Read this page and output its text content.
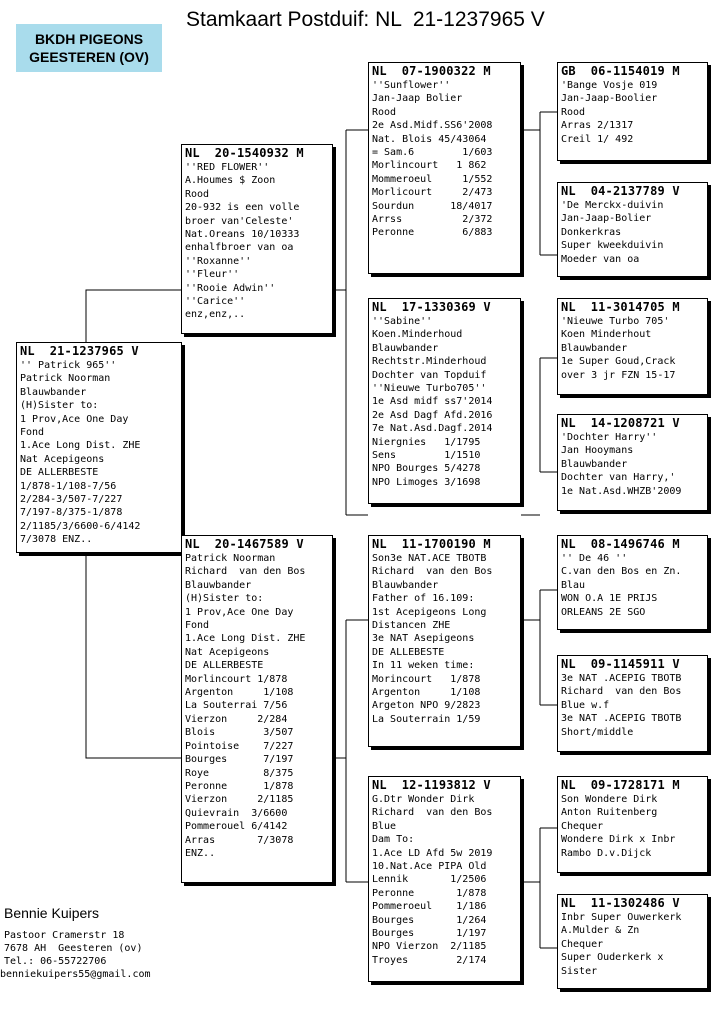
Stamkaart Postduif: NL  21-1237965 V
BKDH PIGEONS
GEESTEREN (OV)
NL  21-1237965 V
'' Patrick 965''
Patrick Noorman
Blauwbander
(H)Sister to:
1 Prov,Ace One Day
Fond
1.Ace Long Dist. ZHE
Nat Acepigeons
DE ALLERBESTE
1/878-1/108-7/56
2/284-3/507-7/227
7/197-8/375-1/878
2/1185/3/6600-6/4142
7/3078 ENZ..
NL  20-1540932 M
''RED FLOWER''
A.Houmes $ Zoon
Rood
20-932 is een volle
broer van'Celeste'
Nat.Oreans 10/10333
enhalfbroer van oa
''Roxanne''
''Fleur''
''Rooie Adwin''
''Carice''
enz,enz,..
NL  20-1467589 V
Patrick Noorman
Richard  van den Bos
Blauwbander
(H)Sister to:
1 Prov,Ace One Day
Fond
1.Ace Long Dist. ZHE
Nat Acepigeons
DE ALLERBESTE
Morlincourt 1/878
Argenton     1/108
La Souterrai 7/56
Vierzon     2/284
Blois        3/507
Pointoise    7/227
Bourges      7/197
Roye         8/375
Peronne      1/878
Vierzon     2/1185
Quievrain  3/6600
Pommerouel 6/4142
Arras       7/3078
ENZ..
NL  07-1900322 M
''Sunflower''
Jan-Jaap Bolier
Rood
2e Asd.Midf.SS6'2008
Nat. Blois 45/43064
= Sam.6        1/603
Morlincourt   1 862
Mommeroeul     1/552
Morlicourt     2/473
Sourdun      18/4017
Arrss          2/372
Peronne        6/883
NL  17-1330369 V
''Sabine''
Koen.Minderhoud
Blauwbander
Rechtstr.Minderhoud
Dochter van Topduif
''Nieuwe Turbo705''
1e Asd midf ss7'2014
2e Asd Dagf Afd.2016
7e Nat.Asd.Dagf.2014
Niergnies   1/1795
Sens        1/1510
NPO Bourges 5/4278
NPO Limoges 3/1698
NL  11-1700190 M
Son3e NAT.ACE TBOTB
Richard  van den Bos
Blauwbander
Father of 16.109:
1st Acepigeons Long
Distancen ZHE
3e NAT Asepigeons
DE ALLEBESTE
In 11 weken time:
Morincourt   1/878
Argenton     1/108
Argeton NPO 9/2823
La Souterrain 1/59
NL  12-1193812 V
G.Dtr Wonder Dirk
Richard  van den Bos
Blue
Dam To:
1.Ace LD Afd 5w 2019
10.Nat.Ace PIPA Old
Lennik       1/2506
Peronne       1/878
Pommeroeul    1/186
Bourges       1/264
Bourges       1/197
NPO Vierzon  2/1185
Troyes        2/174
GB  06-1154019 M
'Bange Vosje 019
Jan-Jaap-Boolier
Rood
Arras 2/1317
Creil 1/ 492
NL  04-2137789 V
'De Merckx-duivin
Jan-Jaap-Bolier
Donkerkras
Super kweekduivin
Moeder van oa
NL  11-3014705 M
'Nieuwe Turbo 705'
Koen Minderhout
Blauwbander
1e Super Goud,Crack
over 3 jr FZN 15-17
NL  14-1208721 V
'Dochter Harry''
Jan Hooymans
Blauwbander
Dochter van Harry,'
1e Nat.Asd.WHZB'2009
NL  08-1496746 M
'' De 46 ''
C.van den Bos en Zn.
Blau
WON O.A 1E PRIJS
ORLEANS 2E SGO
NL  09-1145911 V
3e NAT .ACEPIG TBOTB
Richard  van den Bos
Blue w.f
3e NAT .ACEPIG TBOTB
Short/middle
NL  09-1728171 M
Son Wondere Dirk
Anton Ruitenberg
Chequer
Wondere Dirk x Inbr
Rambo D.v.Dijck
NL  11-1302486 V
Inbr Super Ouwerkerk
A.Mulder & Zn
Chequer
Super Ouderkerk x
Sister
Bennie Kuipers
Pastoor Cramerstr 18
7678 AH  Geesteren (ov)
Tel.: 06-55722706
benniekuipers55@gmail.com
